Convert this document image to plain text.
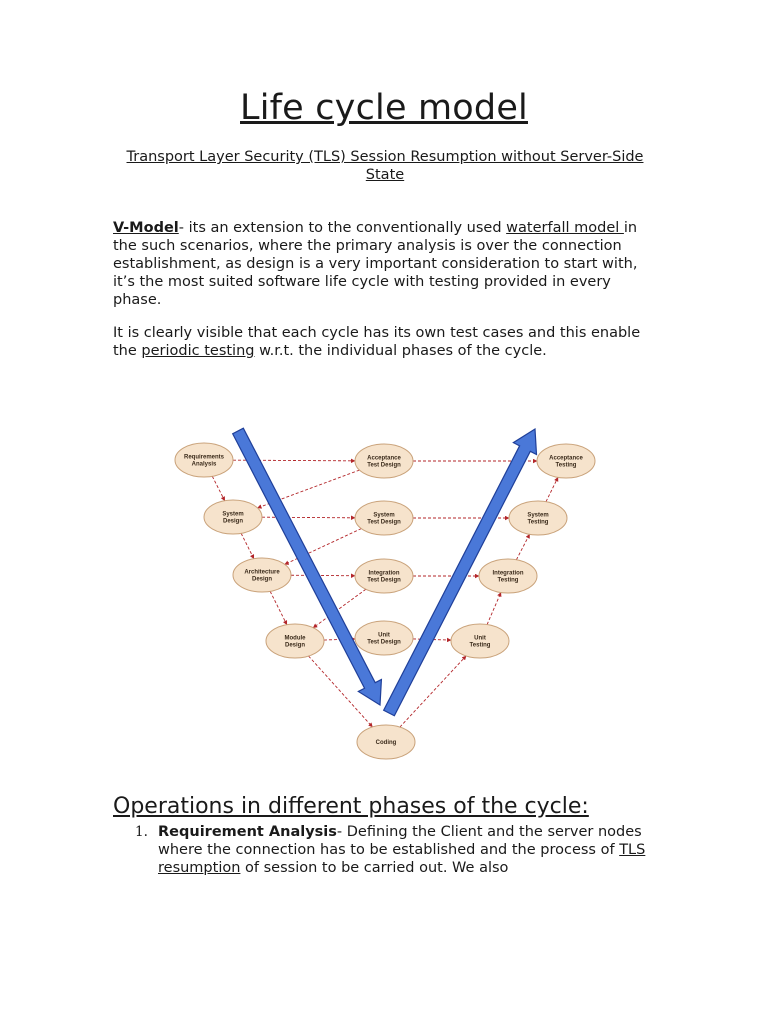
Life cycle model
Transport Layer Security (TLS) Session Resumption without Server-Side State

V-Model- its an extension to the conventionally used waterfall model in the such scenarios, where the primary analysis is over the connection establishment, as design is a very important consideration to start with, it’s the most suited software life cycle with testing provided in every phase.

It is clearly visible that each cycle has its own test cases and this enable the periodic testing w.r.t. the individual phases of the cycle.

Requirements
Analysis
System
Design
Architecture
Design
Module
Design
Acceptance
Test Design
System
Test Design
Integration
Test Design
Unit
Test Design
Acceptance
Testing
System
Testing
Integration
Testing
Unit
Testing
Coding
Operations in different phases of the cycle:
1. Requirement Analysis- Defining the Client and the server nodes where the connection has to be established and the process of TLS resumption of session to be carried out. We also
